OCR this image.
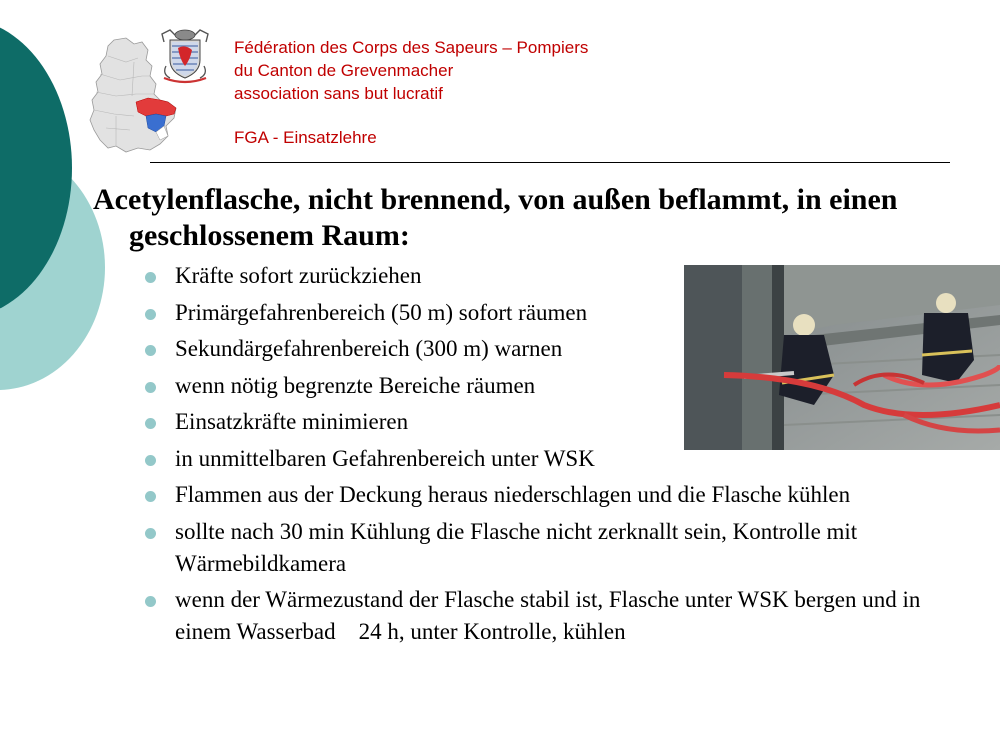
Fédération des Corps des Sapeurs – Pompiers
du Canton de Grevenmacher
association sans but lucratif
FGA - Einsatzlehre
Acetylenflasche, nicht brennend, von außen beflammt, in einen geschlossenem Raum:
Kräfte sofort zurückziehen
Primärgefahrenbereich (50 m) sofort räumen
Sekundärgefahrenbereich (300 m) warnen
wenn nötig begrenzte Bereiche räumen
Einsatzkräfte minimieren
in unmittelbaren Gefahrenbereich unter WSK
Flammen aus der Deckung heraus niederschlagen und die Flasche kühlen
sollte nach 30 min Kühlung die Flasche nicht zerknallt sein, Kontrolle mit Wärmebildkamera
wenn der Wärmezustand der Flasche stabil ist, Flasche unter WSK bergen und in einem Wasserbad    24 h, unter Kontrolle, kühlen
